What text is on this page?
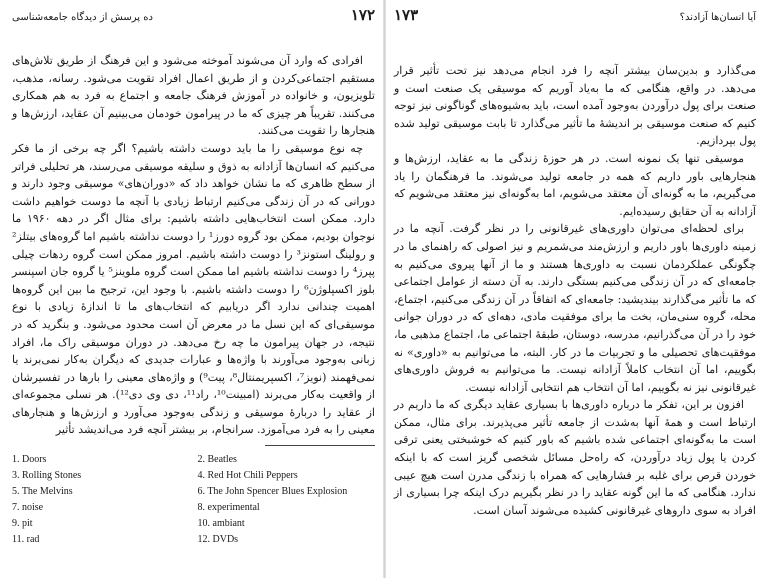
۱۷۲
ده پرسش از دیدگاه جامعه‌شناسی

افرادی که وارد آن می‌شوند آموخته می‌شود و این فرهنگ از طریق تلاش‌های مستقیم اجتماعی‌کردن و از طریق اعمال افراد تقویت می‌شود. رسانه، مذهب، تلویزیون، و خانواده در آموزش فرهنگ جامعه و اجتماع به فرد به هم همکاری می‌کنند. تقریباً هر چیزی که ما در پیرامون خودمان می‌بینیم آن عقاید، ارزش‌ها و هنجارها را تقویت می‌کنند.

چه نوع موسیقی را ما باید دوست داشته باشیم؟ اگر چه برخی از ما فکر می‌کنیم که انسان‌ها آزادانه به ذوق و سلیقه موسیقی می‌رسند، هر تحلیلی فراتر از سطح ظاهری که ما نشان خواهد داد که «دوران‌های» موسیقی وجود دارند و دورانی که در آن زندگی می‌کنیم ارتباط زیادی با آنچه ما دوست خواهیم داشت دارد. ممکن است انتخاب‌هایی داشته باشیم: برای مثال اگر در دهه ۱۹۶۰ ما نوجوان بودیم، ممکن بود گروه دورز¹ را دوست نداشته باشیم اما گروه‌های بیتلز² و رولینگ استونز³ را دوست داشته باشیم. امروز ممکن است گروه ردهات چیلی پپرز⁴ را دوست نداشته باشیم اما ممکن است گروه ملوینز⁵ یا گروه جان اسپنسر بلوز اکسپلوژن⁶ را دوست داشته باشیم. با وجود این، ترجیح ما بین این گروه‌ها اهمیت چندانی ندارد اگر دریابیم که انتخاب‌های ما تا اندازهٔ زیادی با نوع موسیقی‌ای که این نسل ما در معرض آن است محدود می‌شود. و بنگرید که در نتیجه، در جهان پیرامون ما چه رخ می‌دهد. در دوران موسیقی راک ما، افراد زبانی به‌وجود می‌آورند با واژه‌ها و عبارات جدیدی که دیگران به‌کار نمی‌برند یا نمی‌فهمند (نویز⁷، اکسپریمنتال⁸، پیت⁹) و واژه‌های معینی را بارها در تفسیرشان از واقعیت به‌کار می‌برند (امبینت¹⁰، راد¹¹، دی وی دی¹²). هر نسلی مجموعه‌ای از عقاید را دربارهٔ موسیقی و زندگی به‌وجود می‌آورد و ارزش‌ها و هنجارهای معینی را به فرد می‌آموزد. سرانجام، بر بیشتر آنچه فرد می‌اندیشد تأثیر

1. Doors	2. Beatles
3. Rolling Stones	4. Red Hot Chili Peppers
5. The Melvins	6. The John Spencer Blues Explosion
7. noise	8. experimental
9. pit	10. ambiant
11. rad	12. DVDs
۱۷۳	آیا انسان‌ها آزادند؟

می‌گذارد و بدین‌سان بیشتر آنچه را فرد انجام می‌دهد نیز تحت تأثیر قرار می‌دهد. در واقع، هنگامی که ما به‌یاد آوریم که موسیقی یک صنعت است و صنعت برای پول درآوردن به‌وجود آمده است، باید به‌شیوه‌های گوناگونی نیز توجه کنیم که صنعت موسیقی بر اندیشهٔ ما تأثیر می‌گذارد تا بابت موسیقی تولید شده پول بپردازیم.

موسیقی تنها یک نمونه است. در هر حوزهٔ زندگی ما به عقاید، ارزش‌ها و هنجارهایی باور داریم که همه در جامعه تولید می‌شوند. ما فرهنگمان را یاد می‌گیریم، ما به گونه‌ای آن معتقد می‌شویم، اما به‌گونه‌ای نیز معتقد می‌شویم که آزادانه به آن حقایق رسیده‌ایم.

برای لحظه‌ای می‌توان داوری‌های غیرقانونی را در نظر گرفت. آنچه ما در زمینه داوری‌ها باور داریم و ارزش‌مند می‌شمریم و نیز اصولی که راهنمای ما در چگونگی عملکردمان نسبت به داوری‌ها هستند و ما از آنها پیروی می‌کنیم به جامعه‌ای که در آن زندگی می‌کنیم بستگی دارند. به آن دسته از عوامل اجتماعی که ما تأثیر می‌گذارند بیندیشید: جامعه‌ای که اتفاقاً در آن زندگی می‌کنیم، اجتماع، محله، گروه سنی‌مان، بخت ما برای موفقیت مادی، دهه‌ای که در دوران جوانی خود را در آن می‌گذرانیم، مدرسه، دوستان، طبقهٔ اجتماعی ما، اجتماع مذهبی ما، موفقیت‌های تحصیلی ما و تجربیات ما در کار. البته، ما می‌توانیم به «داوری» نه بگوییم، اما آن انتخاب کاملاً آزادانه نیست. ما می‌توانیم به فروش داوری‌های غیرقانونی نیز نه بگوییم، اما آن انتخاب هم انتخابی آزادانه نیست.

افزون بر این، تفکر ما درباره داوری‌ها با بسیاری عقاید دیگری که ما داریم در ارتباط است و همهٔ آنها به‌شدت از جامعه تأثیر می‌پذیرند. برای مثال، ممکن است ما به‌گونه‌ای اجتماعی شده باشیم که باور کنیم که خوشبختی یعنی ترقی کردن یا پول زیاد درآوردن، که راه‌حل مسائل شخصی گریز است که با اینکه خوردن قرص برای غلبه بر فشارهایی که همراه با زندگی مدرن است هیچ عیبی ندارد. هنگامی که ما این گونه عقاید را در نظر بگیریم درک اینکه چرا بسیاری از افراد به سوی داروهای غیرقانونی کشیده می‌شوند آسان است.
